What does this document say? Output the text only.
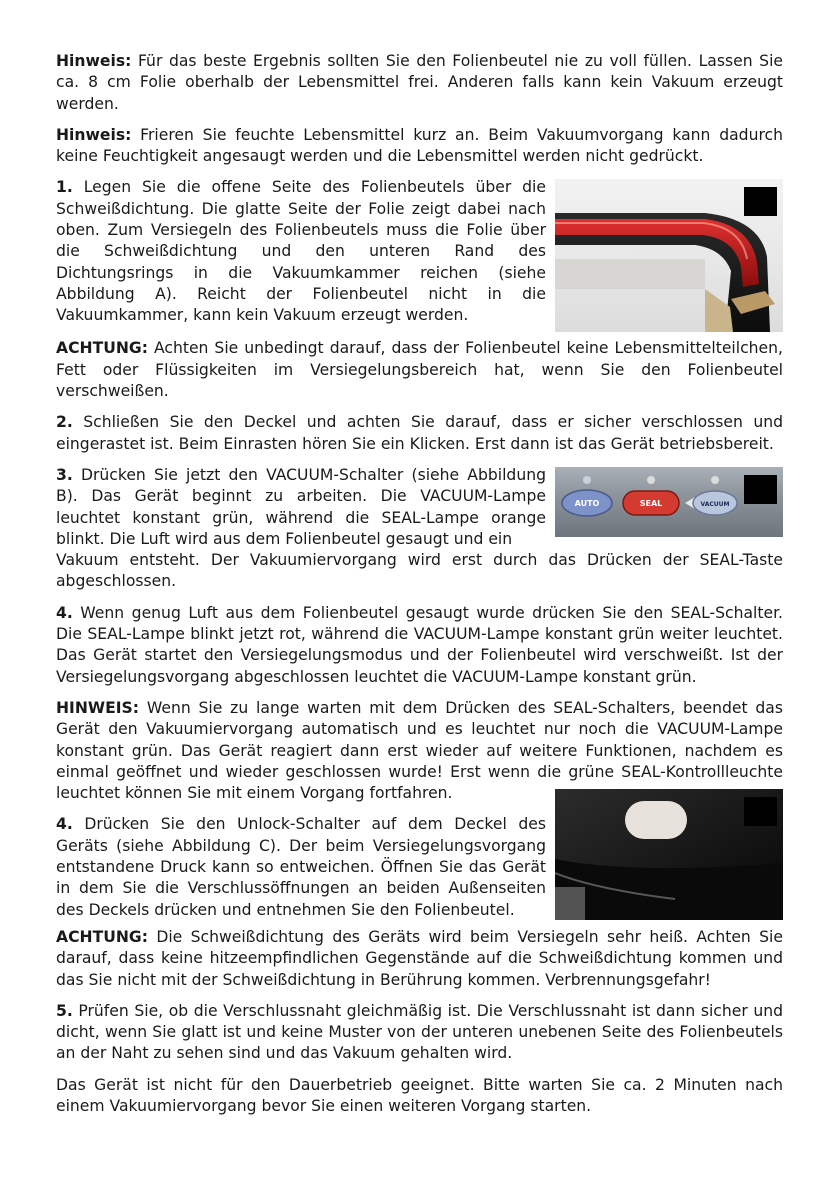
Hinweis: Für das beste Ergebnis sollten Sie den Folienbeutel nie zu voll füllen. Lassen Sie ca. 8 cm Folie oberhalb der Lebensmittel frei. Anderen falls kann kein Vakuum erzeugt werden.

Hinweis: Frieren Sie feuchte Lebensmittel kurz an. Beim Vakuumvorgang kann dadurch keine Feuchtigkeit angesaugt werden und die Lebensmittel werden nicht gedrückt.

1. Legen Sie die offene Seite des Folienbeutels über die Schweißdichtung. Die glatte Seite der Folie zeigt dabei nach oben. Zum Versiegeln des Folienbeutels muss die Folie über die Schweißdichtung und den unteren Rand des Dichtungsrings in die Vakuumkammer reichen (siehe Abbildung A). Reicht der Folienbeutel nicht in die Vakuumkammer, kann kein Vakuum erzeugt werden.

ACHTUNG: Achten Sie unbedingt darauf, dass der Folienbeutel keine Lebensmittelteilchen, Fett oder Flüssigkeiten im Versiegelungsbereich hat, wenn Sie den Folienbeutel verschweißen.

2. Schließen Sie den Deckel und achten Sie darauf, dass er sicher verschlossen und eingerastet ist. Beim Einrasten hören Sie ein Klicken. Erst dann ist das Gerät betriebsbereit.

3. Drücken Sie jetzt den VACUUM-Schalter (siehe Abbildung B). Das Gerät beginnt zu arbeiten. Die VACUUM-Lampe leuchtet konstant grün, während die SEAL-Lampe orange blinkt. Die Luft wird aus dem Folienbeutel gesaugt und ein

AUTO	SEAL	VACUUM

Vakuum entsteht. Der Vakuumiervorgang wird erst durch das Drücken der SEAL-Taste abgeschlossen.

4. Wenn genug Luft aus dem Folienbeutel gesaugt wurde drücken Sie den SEAL-Schalter. Die SEAL-Lampe blinkt jetzt rot, während die VACUUM-Lampe konstant grün weiter leuchtet. Das Gerät startet den Versiegelungsmodus und der Folienbeutel wird verschweißt. Ist der Versiegelungsvorgang abgeschlossen leuchtet die VACUUM-Lampe konstant grün.

HINWEIS: Wenn Sie zu lange warten mit dem Drücken des SEAL-Schalters, beendet das Gerät den Vakuumiervorgang automatisch und es leuchtet nur noch die VACUUM-Lampe konstant grün. Das Gerät reagiert dann erst wieder auf weitere Funktionen, nachdem es einmal geöffnet und wieder geschlossen wurde! Erst wenn die grüne SEAL-Kontrollleuchte leuchtet können Sie mit einem Vorgang fortfahren.

4. Drücken Sie den Unlock-Schalter auf dem Deckel des Geräts (siehe Abbildung C). Der beim Versiegelungsvorgang entstandene Druck kann so entweichen. Öffnen Sie das Gerät in dem Sie die Verschlussöffnungen an beiden Außenseiten des Deckels drücken und entnehmen Sie den Folienbeutel.

ACHTUNG: Die Schweißdichtung des Geräts wird beim Versiegeln sehr heiß. Achten Sie darauf, dass keine hitzeempfindlichen Gegenstände auf die Schweißdichtung kommen und das Sie nicht mit der Schweißdichtung in Berührung kommen. Verbrennungsgefahr!

5. Prüfen Sie, ob die Verschlussnaht gleichmäßig ist. Die Verschlussnaht ist dann sicher und dicht, wenn Sie glatt ist und keine Muster von der unteren unebenen Seite des Folienbeutels an der Naht zu sehen sind und das Vakuum gehalten wird.

Das Gerät ist nicht für den Dauerbetrieb geeignet. Bitte warten Sie ca. 2 Minuten nach einem Vakuumiervorgang bevor Sie einen weiteren Vorgang starten.
